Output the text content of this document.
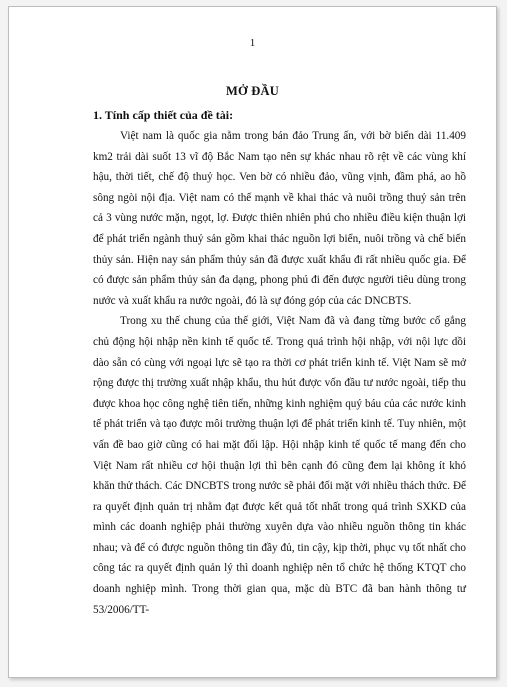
1
MỞ ĐẦU
1. Tính cấp thiết của đề tài:

Việt nam là quốc gia nằm trong bán đảo Trung ấn, với bờ biển dài 11.409 km2 trải dài suốt 13 vĩ độ Bắc Nam tạo nên sự khác nhau rõ rệt về các vùng khí hậu, thời tiết, chế độ thuỷ học. Ven bờ có nhiều đảo, vũng vịnh, đầm phá, ao hồ sông ngòi nội địa. Việt nam có thế mạnh về khai thác và nuôi trồng thuỷ sản trên cả 3 vùng nước mặn, ngọt, lợ. Được thiên nhiên phú cho nhiều điều kiện thuận lợi để phát triển ngành thuỷ sản gồm khai thác nguồn lợi biển, nuôi trồng và chế biến thủy sản. Hiện nay sản phẩm thủy sản đã được xuất khẩu đi rất nhiều quốc gia. Để có được sản phẩm thủy sản đa dạng, phong phú đi đến được người tiêu dùng trong nước và xuất khẩu ra nước ngoài, đó là sự đóng góp của các DNCBTS.

Trong xu thế chung của thế giới, Việt Nam đã và đang từng bước cố gắng chủ động hội nhập nền kinh tế quốc tế. Trong quá trình hội nhập, với nội lực dồi dào sẵn có cùng với ngoại lực sẽ tạo ra thời cơ phát triển kinh tế. Việt Nam sẽ mở rộng được thị trường xuất nhập khẩu, thu hút được vốn đầu tư nước ngoài, tiếp thu được khoa học công nghệ tiên tiến, những kinh nghiệm quý báu của các nước kinh tế phát triển và tạo được môi trường thuận lợi để phát triển kinh tế. Tuy nhiên, một vấn đề bao giờ cũng có hai mặt đối lập. Hội nhập kinh tế quốc tế mang đến cho Việt Nam rất nhiều cơ hội thuận lợi thì bên cạnh đó cũng đem lại không ít khó khăn thử thách. Các DNCBTS trong nước sẽ phải đối mặt với nhiều thách thức. Để ra quyết định quản trị nhằm đạt được kết quả tốt nhất trong quá trình SXKD của mình các doanh nghiệp phải thường xuyên dựa vào nhiều nguồn thông tin khác nhau; và để có được nguồn thông tin đầy đủ, tin cậy, kịp thời, phục vụ tốt nhất cho công tác ra quyết định quản lý thì doanh nghiệp nên tổ chức hệ thống KTQT cho doanh nghiệp mình. Trong thời gian qua, mặc dù BTC đã ban hành thông tư 53/2006/TT-
